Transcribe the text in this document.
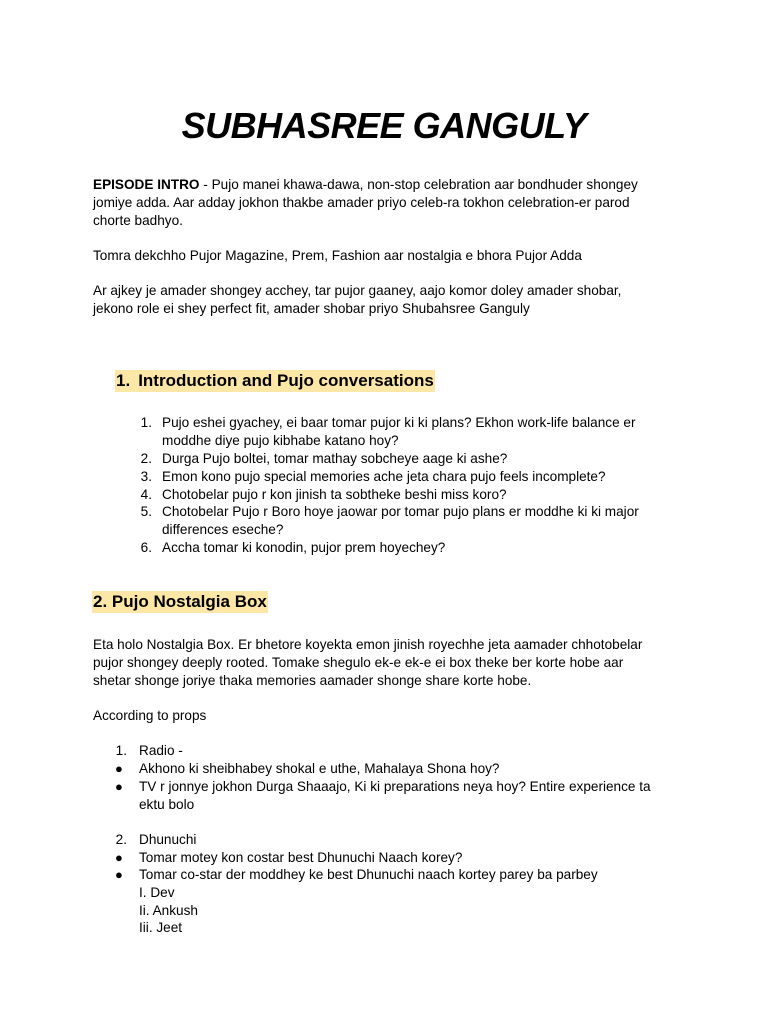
SUBHASREE GANGULY
EPISODE INTRO - Pujo manei khawa-dawa, non-stop celebration aar bondhuder shongey
jomiye adda. Aar adday jokhon thakbe amader priyo celeb-ra tokhon celebration-er parod
chorte badhyo.
Tomra dekchho Pujor Magazine, Prem, Fashion aar nostalgia e bhora Pujor Adda
Ar ajkey je amader shongey acchey, tar pujor gaaney, aajo komor doley amader shobar,
jekono role ei shey perfect fit, amader shobar priyo Shubahsree Ganguly
1. Introduction and Pujo conversations
1. Pujo eshei gyachey, ei baar tomar pujor ki ki plans? Ekhon work-life balance er
moddhe diye pujo kibhabe katano hoy?
2. Durga Pujo boltei, tomar mathay sobcheye aage ki ashe?
3. Emon kono pujo special memories ache jeta chara pujo feels incomplete?
4. Chotobelar pujo r kon jinish ta sobtheke beshi miss koro?
5. Chotobelar Pujo r Boro hoye jaowar por tomar pujo plans er moddhe ki ki major
differences eseche?
6. Accha tomar ki konodin, pujor prem hoyechey?
2. Pujo Nostalgia Box
Eta holo Nostalgia Box. Er bhetore koyekta emon jinish royechhe jeta aamader chhotobelar
pujor shongey deeply rooted. Tomake shegulo ek-e ek-e ei box theke ber korte hobe aar
shetar shonge joriye thaka memories aamader shonge share korte hobe.
According to props
1. Radio -
● Akhono ki sheibhabey shokal e uthe, Mahalaya Shona hoy?
● TV r jonnye jokhon Durga Shaaajo, Ki ki preparations neya hoy? Entire experience ta
ektu bolo
2. Dhunuchi
● Tomar motey kon costar best Dhunuchi Naach korey?
● Tomar co-star der moddhey ke best Dhunuchi naach kortey parey ba parbey
I. Dev
Ii. Ankush
Iii. Jeet
